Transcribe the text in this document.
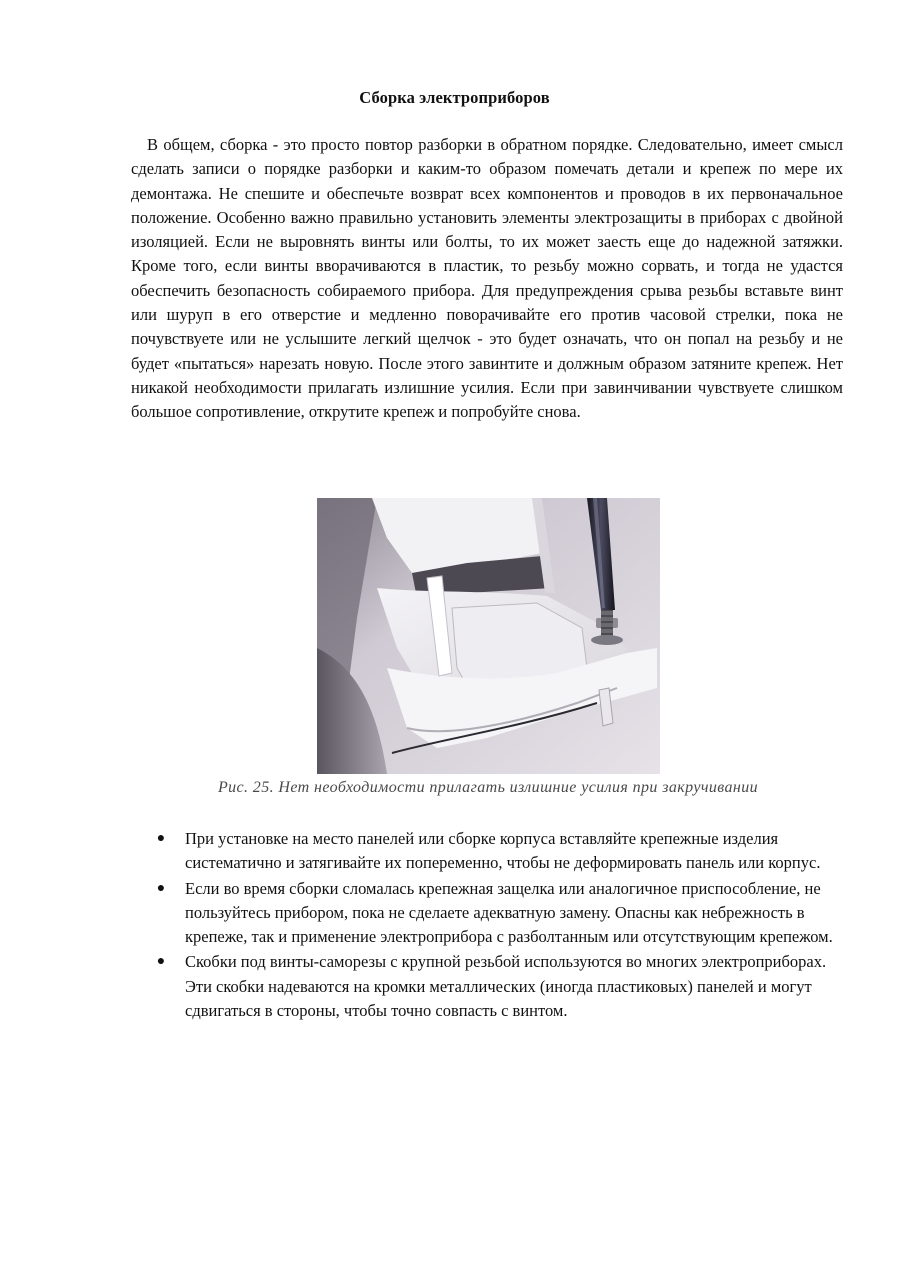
Сборка электроприборов
В общем, сборка - это просто повтор разборки в обратном порядке. Следовательно, имеет смысл сделать записи о порядке разборки и каким-то образом помечать детали и крепеж по мере их демонтажа. Не спешите и обеспечьте возврат всех компонентов и проводов в их первоначальное положение. Особенно важно правильно установить элементы электрозащиты в приборах с двойной изоляцией. Если не выровнять винты или болты, то их может заесть еще до надежной затяжки. Кроме того, если винты вворачиваются в пластик, то резьбу можно сорвать, и тогда не удастся обеспечить безопасность собираемого прибора. Для предупреждения срыва резьбы вставьте винт или шуруп в его отверстие и медленно поворачивайте его против часовой стрелки, пока не почувствуете или не услышите легкий щелчок - это будет означать, что он попал на резьбу и не будет «пытаться» нарезать новую. После этого завинтите и должным образом затяните крепеж. Нет никакой необходимости прилагать излишние усилия. Если при завинчивании чувствуете слишком большое сопротивление, открутите крепеж и попробуйте снова.
Рис. 25. Нет необходимости прилагать излишние усилия при закручивании
● При установке на место панелей или сборке корпуса вставляйте крепежные изделия систематично и затягивайте их попеременно, чтобы не деформировать панель или корпус.
● Если во время сборки сломалась крепежная защелка или аналогичное приспособление, не пользуйтесь прибором, пока не сделаете адекватную замену. Опасны как небрежность в крепеже, так и применение электроприбора с разболтанным или отсутствующим крепежом.
● Скобки под винты-саморезы с крупной резьбой используются во многих электроприборах. Эти скобки надеваются на кромки металлических (иногда пластиковых) панелей и могут сдвигаться в стороны, чтобы точно совпасть с винтом.
